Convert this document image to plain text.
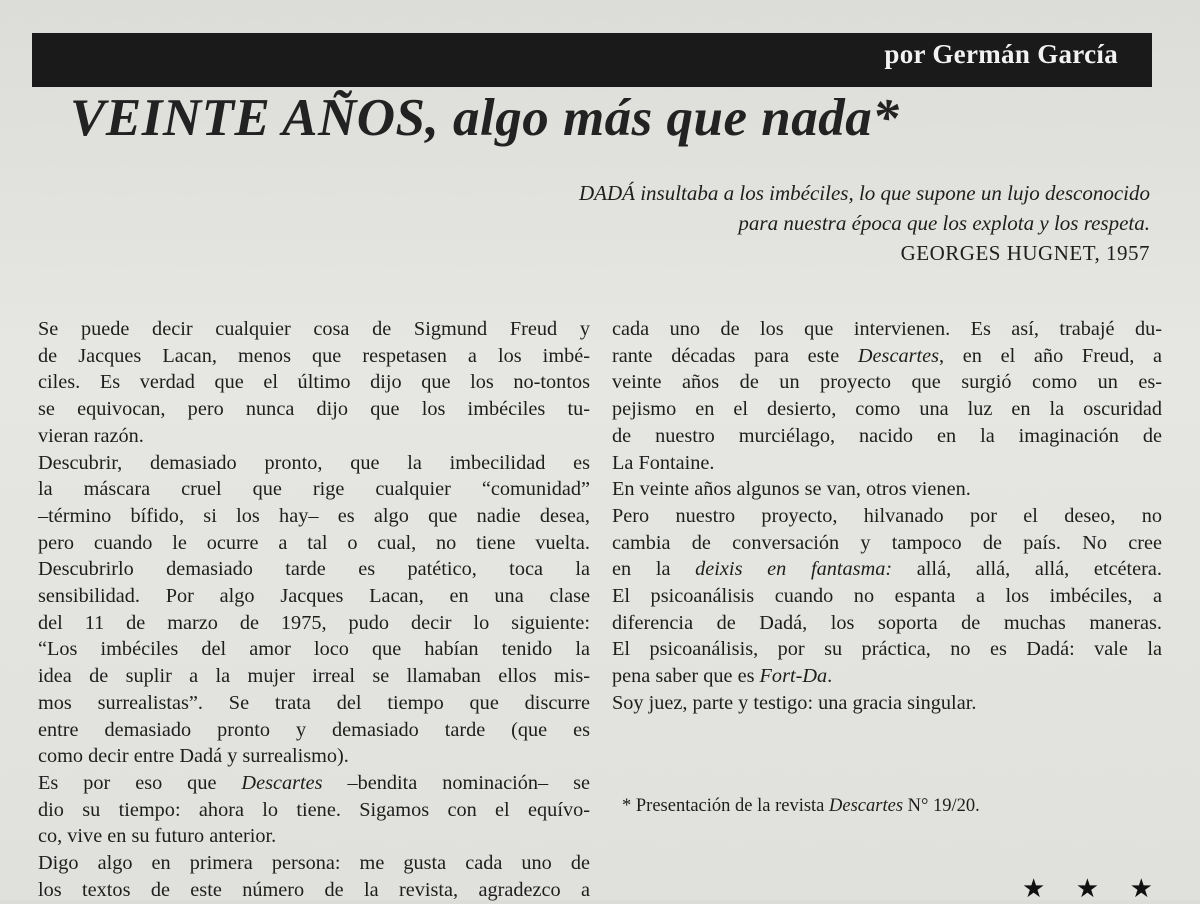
por Germán García
VEINTE AÑOS, algo más que nada*
DADÁ insultaba a los imbéciles, lo que supone un lujo desconocido
para nuestra época que los explota y los respeta.
GEORGES HUGNET, 1957
Se puede decir cualquier cosa de Sigmund Freud y
de Jacques Lacan, menos que respetasen a los imbé-
ciles. Es verdad que el último dijo que los no-tontos
se equivocan, pero nunca dijo que los imbéciles tu-
vieran razón.
Descubrir, demasiado pronto, que la imbecilidad es
la máscara cruel que rige cualquier “comunidad”
–término bífido, si los hay– es algo que nadie desea,
pero cuando le ocurre a tal o cual, no tiene vuelta.
Descubrirlo demasiado tarde es patético, toca la
sensibilidad. Por algo Jacques Lacan, en una clase
del 11 de marzo de 1975, pudo decir lo siguiente:
“Los imbéciles del amor loco que habían tenido la
idea de suplir a la mujer irreal se llamaban ellos mis-
mos surrealistas”. Se trata del tiempo que discurre
entre demasiado pronto y demasiado tarde (que es
como decir entre Dadá y surrealismo).
Es por eso que Descartes –bendita nominación– se
dio su tiempo: ahora lo tiene. Sigamos con el equívo-
co, vive en su futuro anterior.
Digo algo en primera persona: me gusta cada uno de
los textos de este número de la revista, agradezco a
cada uno de los que intervienen. Es así, trabajé du-
rante décadas para este Descartes, en el año Freud, a
veinte años de un proyecto que surgió como un es-
pejismo en el desierto, como una luz en la oscuridad
de nuestro murciélago, nacido en la imaginación de
La Fontaine.
En veinte años algunos se van, otros vienen.
Pero nuestro proyecto, hilvanado por el deseo, no
cambia de conversación y tampoco de país. No cree
en la deixis en fantasma: allá, allá, allá, etcétera.
El psicoanálisis cuando no espanta a los imbéciles, a
diferencia de Dadá, los soporta de muchas maneras.
El psicoanálisis, por su práctica, no es Dadá: vale la
pena saber que es Fort-Da.
Soy juez, parte y testigo: una gracia singular.
* Presentación de la revista Descartes N° 19/20.
★ ★ ★
